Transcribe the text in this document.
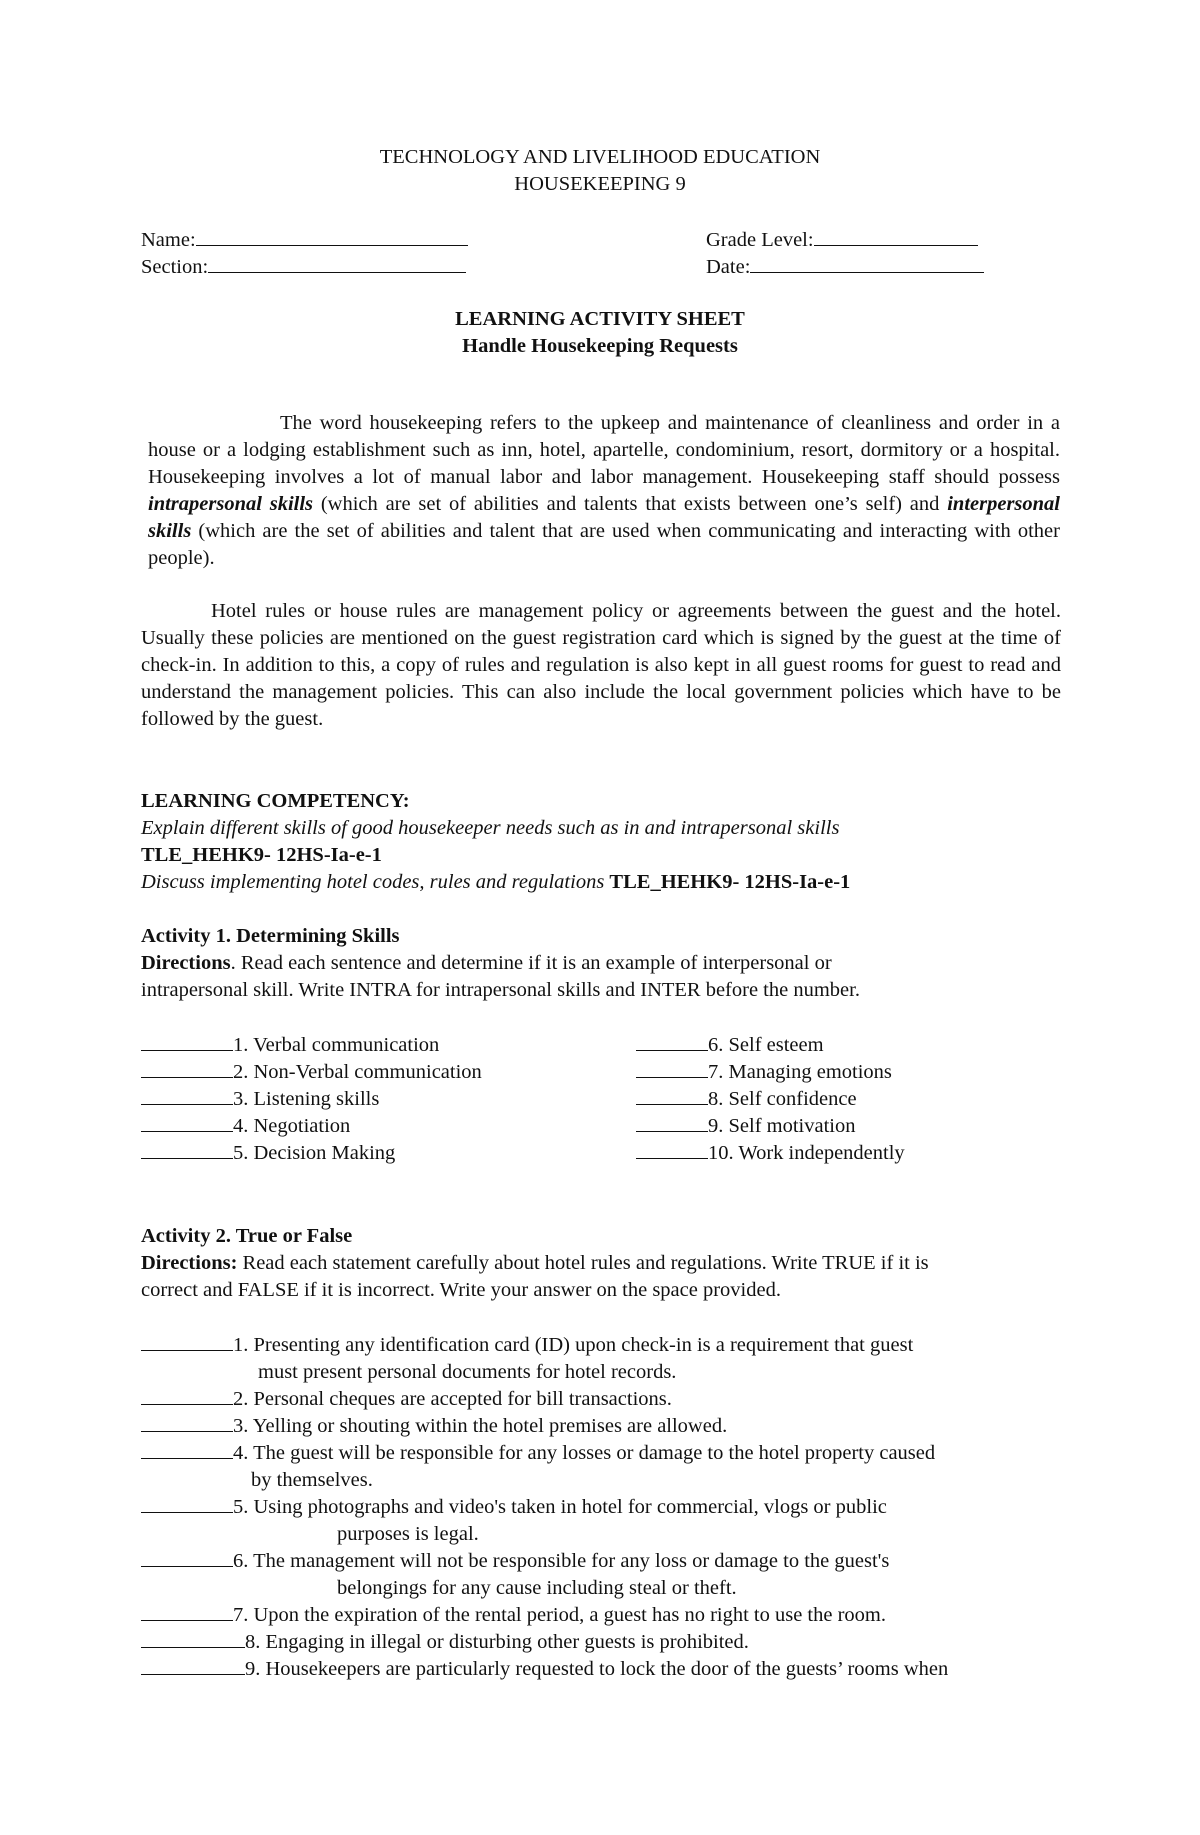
TECHNOLOGY AND LIVELIHOOD EDUCATION
HOUSEKEEPING 9
Name:	Grade Level:
Section:	Date:
LEARNING ACTIVITY SHEET
Handle Housekeeping Requests

The word housekeeping refers to the upkeep and maintenance of cleanliness and order in a house or a lodging establishment such as inn, hotel, apartelle, condominium, resort, dormitory or a hospital. Housekeeping involves a lot of manual labor and labor management. Housekeeping staff should possess intrapersonal skills (which are set of abilities and talents that exists between one’s self) and interpersonal skills (which are the set of abilities and talent that are used when communicating and interacting with other people).

Hotel rules or house rules are management policy or agreements between the guest and the hotel. Usually these policies are mentioned on the guest registration card which is signed by the guest at the time of check-in. In addition to this, a copy of rules and regulation is also kept in all guest rooms for guest to read and understand the management policies. This can also include the local government policies which have to be followed by the guest.

LEARNING COMPETENCY:
Explain different skills of good housekeeper needs such as in and intrapersonal skills
TLE_HEHK9- 12HS-Ia-e-1
Discuss implementing hotel codes, rules and regulations TLE_HEHK9- 12HS-Ia-e-1
Activity 1. Determining Skills
Directions. Read each sentence and determine if it is an example of interpersonal or
intrapersonal skill. Write INTRA for intrapersonal skills and INTER before the number.
1. Verbal communication
2. Non-Verbal communication
3. Listening skills
4. Negotiation
5. Decision Making
6. Self esteem
7. Managing emotions
8. Self confidence
9. Self motivation
10. Work independently
Activity 2. True or False
Directions: Read each statement carefully about hotel rules and regulations. Write TRUE if it is
correct and FALSE if it is incorrect. Write your answer on the space provided.
1. Presenting any identification card (ID) upon check-in is a requirement that guest
must present personal documents for hotel records.
2. Personal cheques are accepted for bill transactions.
3. Yelling or shouting within the hotel premises are allowed.
4. The guest will be responsible for any losses or damage to the hotel property caused
by themselves.
5. Using photographs and video's taken in hotel for commercial, vlogs or public
purposes is legal.
6. The management will not be responsible for any loss or damage to the guest's
belongings for any cause including steal or theft.
7. Upon the expiration of the rental period, a guest has no right to use the room.
8. Engaging in illegal or disturbing other guests is prohibited.
9. Housekeepers are particularly requested to lock the door of the guests’ rooms when
